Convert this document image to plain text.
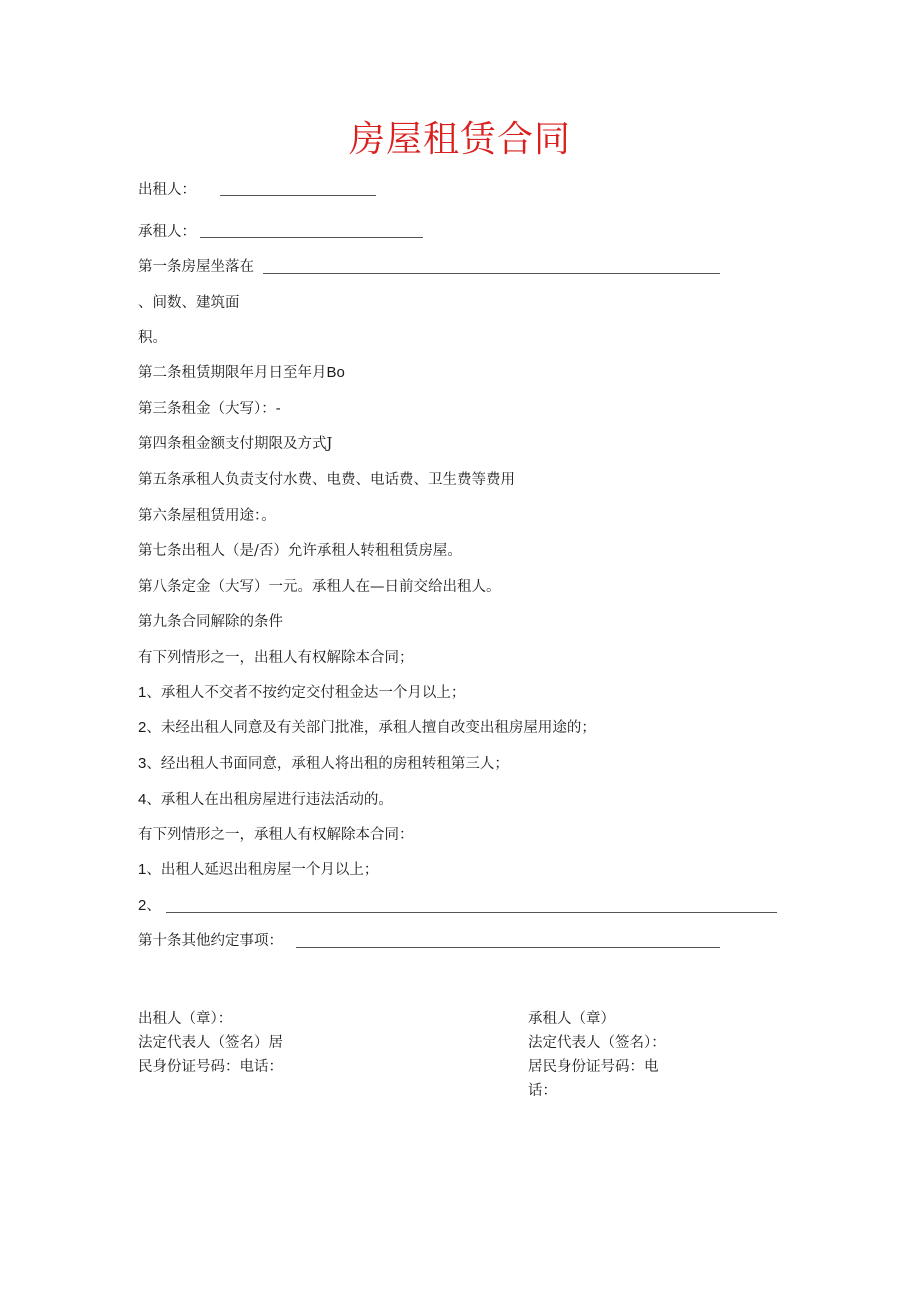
房屋租赁合同
出租人：
承租人：
第一条房屋坐落在
、间数、建筑面
积。
第二条租赁期限年月日至年月Bo
第三条租金（大写）：-
第四条租金额支付期限及方式J
第五条承租人负责支付水费、电费、电话费、卫生费等费用
第六条屋租赁用途：。
第七条出租人（是/否）允许承租人转租租赁房屋。
第八条定金（大写）一元。承租人在—日前交给出租人。
第九条合同解除的条件
有下列情形之一，出租人有权解除本合同；
1、承租人不交者不按约定交付租金达一个月以上；
2、未经出租人同意及有关部门批准，承租人擅自改变出租房屋用途的；
3、经出租人书面同意，承租人将出租的房租转租第三人；
4、承租人在出租房屋进行违法活动的。
有下列情形之一，承租人有权解除本合同：
1、出租人延迟出租房屋一个月以上；
2、
第十条其他约定事项：
出租人（章）：
法定代表人（签名）居
民身份证号码：电话：
承租人（章）
法定代表人（签名）：
居民身份证号码：电
话：
